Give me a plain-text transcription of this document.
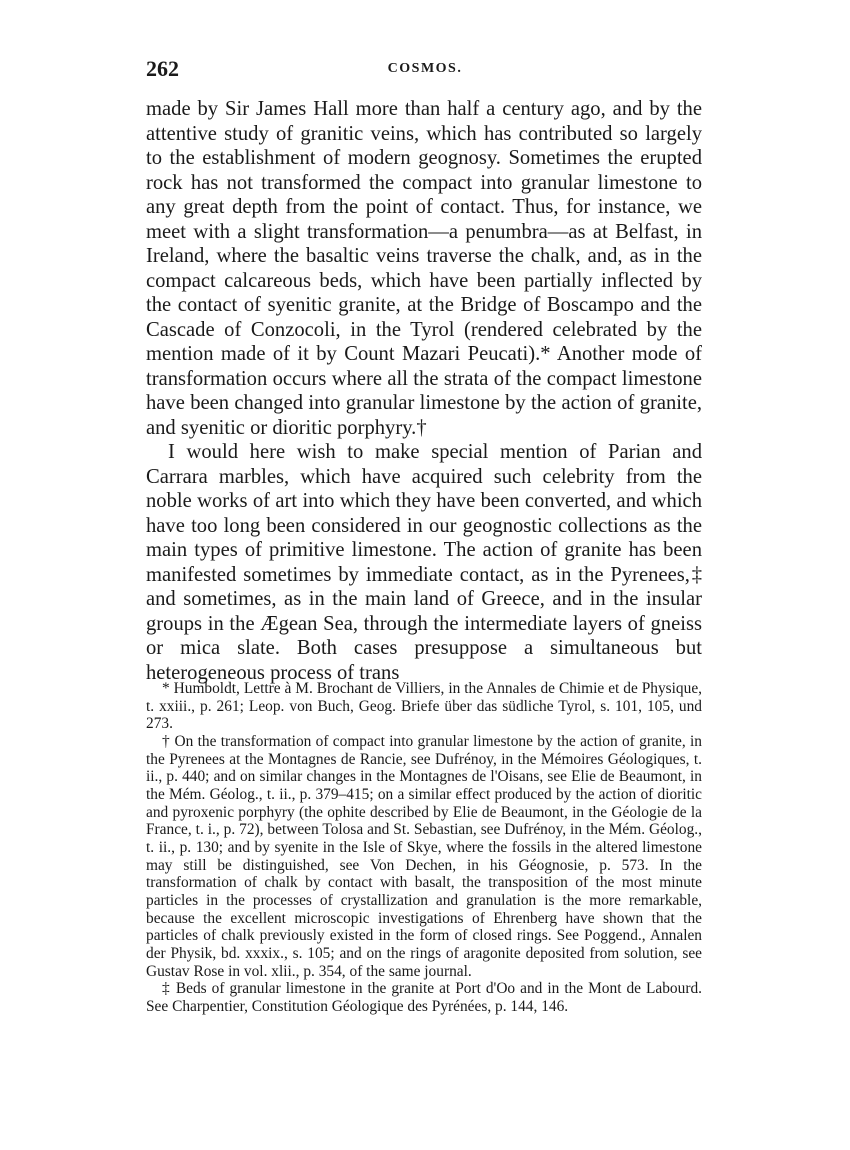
262	COSMOS.

made by Sir James Hall more than half a century ago, and by the attentive study of granitic veins, which has contributed so largely to the establishment of modern geognosy. Sometimes the erupted rock has not transformed the compact into granular limestone to any great depth from the point of contact. Thus, for instance, we meet with a slight transformation—a penumbra—as at Belfast, in Ireland, where the basaltic veins traverse the chalk, and, as in the compact calcareous beds, which have been partially inflected by the contact of syenitic granite, at the Bridge of Boscampo and the Cascade of Conzocoli, in the Tyrol (rendered celebrated by the mention made of it by Count Mazari Peucati).* Another mode of transformation occurs where all the strata of the compact limestone have been changed into granular limestone by the action of granite, and syenitic or dioritic porphyry.†

I would here wish to make special mention of Parian and Carrara marbles, which have acquired such celebrity from the noble works of art into which they have been converted, and which have too long been considered in our geognostic collections as the main types of primitive limestone. The action of granite has been manifested sometimes by immediate contact, as in the Pyrenees,‡ and sometimes, as in the main land of Greece, and in the insular groups in the Ægean Sea, through the intermediate layers of gneiss or mica slate. Both cases presuppose a simultaneous but heterogeneous process of trans

* Humboldt, Lettre à M. Brochant de Villiers, in the Annales de Chimie et de Physique, t. xxiii., p. 261; Leop. von Buch, Geog. Briefe über das südliche Tyrol, s. 101, 105, und 273.

† On the transformation of compact into granular limestone by the action of granite, in the Pyrenees at the Montagnes de Rancie, see Dufrénoy, in the Mémoires Géologiques, t. ii., p. 440; and on similar changes in the Montagnes de l'Oisans, see Elie de Beaumont, in the Mém. Géolog., t. ii., p. 379–415; on a similar effect produced by the action of dioritic and pyroxenic porphyry (the ophite described by Elie de Beaumont, in the Géologie de la France, t. i., p. 72), between Tolosa and St. Sebastian, see Dufrénoy, in the Mém. Géolog., t. ii., p. 130; and by syenite in the Isle of Skye, where the fossils in the altered limestone may still be distinguished, see Von Dechen, in his Géognosie, p. 573. In the transformation of chalk by contact with basalt, the transposition of the most minute particles in the processes of crystallization and granulation is the more remarkable, because the excellent microscopic investigations of Ehrenberg have shown that the particles of chalk previously existed in the form of closed rings. See Poggend., Annalen der Physik, bd. xxxix., s. 105; and on the rings of aragonite deposited from solution, see Gustav Rose in vol. xlii., p. 354, of the same journal.

‡ Beds of granular limestone in the granite at Port d'Oo and in the Mont de Labourd. See Charpentier, Constitution Géologique des Pyrénées, p. 144, 146.
